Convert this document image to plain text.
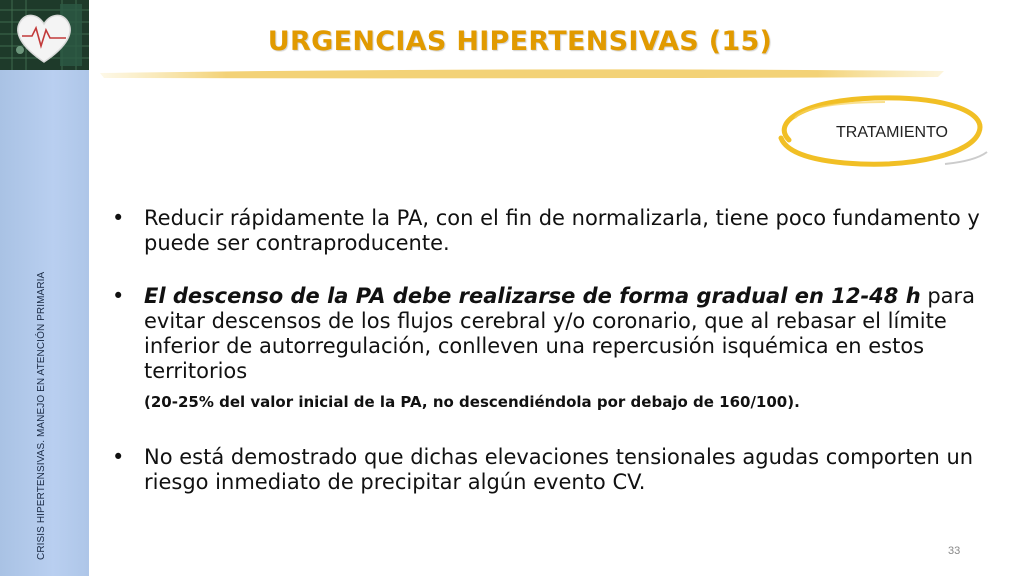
CRISIS HIPERTENSIVAS. MANEJO EN ATENCIÓN PRIMARIA
URGENCIAS HIPERTENSIVAS (15)
TRATAMIENTO
• Reducir rápidamente la PA, con el fin de normalizarla, tiene poco fundamento y puede ser contraproducente.
• El descenso de la PA debe realizarse de forma gradual en 12-48 h para evitar descensos de los flujos cerebral y/o coronario, que al rebasar el límite inferior de autorregulación, conlleven una repercusión isquémica en estos territorios
(20-25% del valor inicial de la PA, no descendiéndola por debajo de 160/100).
• No está demostrado que dichas elevaciones tensionales agudas comporten un riesgo inmediato de precipitar algún evento CV.
33
